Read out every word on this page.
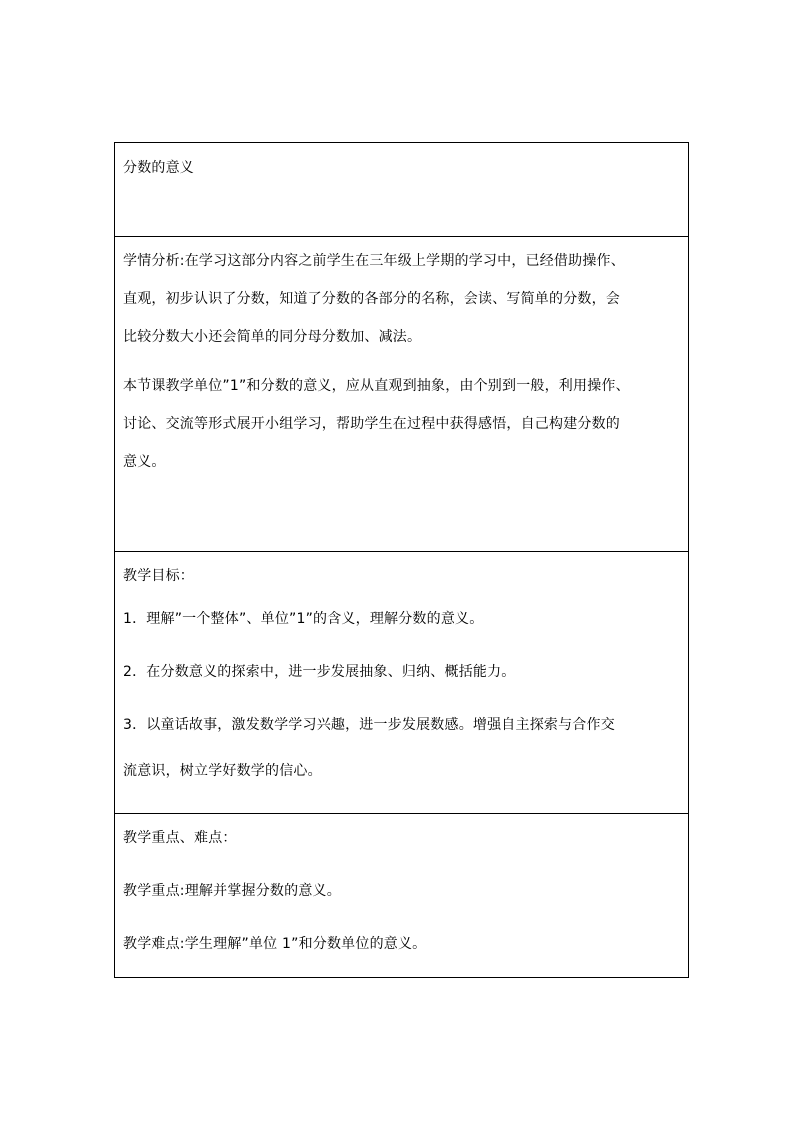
分数的意义

学情分析:在学习这部分内容之前学生在三年级上学期的学习中，已经借助操作、

直观，初步认识了分数，知道了分数的各部分的名称，会读、写简单的分数，会

比较分数大小还会简单的同分母分数加、减法。

本节课教学单位”1”和分数的意义，应从直观到抽象，由个别到一般，利用操作、

讨论、交流等形式展开小组学习，帮助学生在过程中获得感悟，自己构建分数的

意义。

教学目标：

1．理解”一个整体”、单位”1”的含义，理解分数的意义。

2．在分数意义的探索中，进一步发展抽象、归纳、概括能力。

3．以童话故事，激发数学学习兴趣，进一步发展数感。增强自主探索与合作交

流意识，树立学好数学的信心。

教学重点、难点：

教学重点:理解并掌握分数的意义。

教学难点:学生理解”单位 1”和分数单位的意义。
